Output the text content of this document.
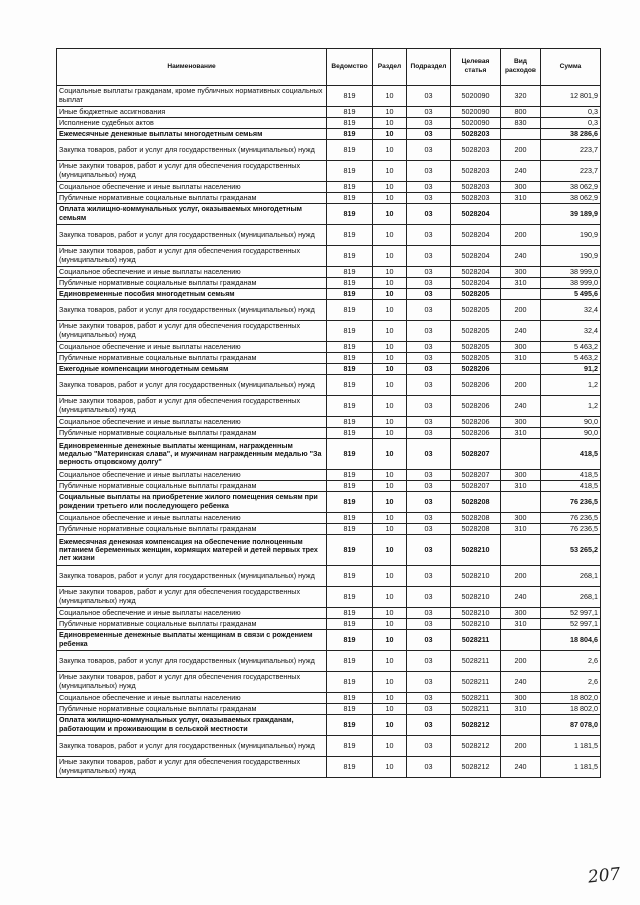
Наименование	Ведомство	Раздел	Подраздел	Целевая статья	Вид расходов	Сумма
Социальные выплаты гражданам, кроме публичных нормативных социальных выплат	819	10	03	5020090	320	12 801,9
Иные бюджетные ассигнования	819	10	03	5020090	800	0,3
Исполнение судебных актов	819	10	03	5020090	830	0,3
Ежемесячные денежные выплаты многодетным семьям	819	10	03	5028203		38 286,6
Закупка товаров, работ и услуг для государственных (муниципальных) нужд	819	10	03	5028203	200	223,7
Иные закупки товаров, работ и услуг для обеспечения государственных (муниципальных) нужд	819	10	03	5028203	240	223,7
Социальное обеспечение и иные выплаты населению	819	10	03	5028203	300	38 062,9
Публичные нормативные социальные выплаты гражданам	819	10	03	5028203	310	38 062,9
Оплата жилищно-коммунальных услуг, оказываемых многодетным семьям	819	10	03	5028204		39 189,9
Закупка товаров, работ и услуг для государственных (муниципальных) нужд	819	10	03	5028204	200	190,9
Иные закупки товаров, работ и услуг для обеспечения государственных (муниципальных) нужд	819	10	03	5028204	240	190,9
Социальное обеспечение и иные выплаты населению	819	10	03	5028204	300	38 999,0
Публичные нормативные социальные выплаты гражданам	819	10	03	5028204	310	38 999,0
Единовременные пособия многодетным семьям	819	10	03	5028205		5 495,6
Закупка товаров, работ и услуг для государственных (муниципальных) нужд	819	10	03	5028205	200	32,4
Иные закупки товаров, работ и услуг для обеспечения государственных (муниципальных) нужд	819	10	03	5028205	240	32,4
Социальное обеспечение и иные выплаты населению	819	10	03	5028205	300	5 463,2
Публичные нормативные социальные выплаты гражданам	819	10	03	5028205	310	5 463,2
Ежегодные компенсации многодетным семьям	819	10	03	5028206		91,2
Закупка товаров, работ и услуг для государственных (муниципальных) нужд	819	10	03	5028206	200	1,2
Иные закупки товаров, работ и услуг для обеспечения государственных (муниципальных) нужд	819	10	03	5028206	240	1,2
Социальное обеспечение и иные выплаты населению	819	10	03	5028206	300	90,0
Публичные нормативные социальные выплаты гражданам	819	10	03	5028206	310	90,0
Единовременные денежные выплаты женщинам, награжденным медалью "Материнская слава", и мужчинам награжденным медалью "За верность отцовскому долгу"	819	10	03	5028207		418,5
Социальное обеспечение и иные выплаты населению	819	10	03	5028207	300	418,5
Публичные нормативные социальные выплаты гражданам	819	10	03	5028207	310	418,5
Социальные выплаты на приобретение жилого помещения семьям при рождении третьего или последующего ребенка	819	10	03	5028208		76 236,5
Социальное обеспечение и иные выплаты населению	819	10	03	5028208	300	76 236,5
Публичные нормативные социальные выплаты гражданам	819	10	03	5028208	310	76 236,5
Ежемесячная денежная компенсация на обеспечение полноценным питанием беременных женщин, кормящих матерей и детей первых трех лет жизни	819	10	03	5028210		53 265,2
Закупка товаров, работ и услуг для государственных (муниципальных) нужд	819	10	03	5028210	200	268,1
Иные закупки товаров, работ и услуг для обеспечения государственных (муниципальных) нужд	819	10	03	5028210	240	268,1
Социальное обеспечение и иные выплаты населению	819	10	03	5028210	300	52 997,1
Публичные нормативные социальные выплаты гражданам	819	10	03	5028210	310	52 997,1
Единовременные денежные выплаты женщинам в связи с рождением ребенка	819	10	03	5028211		18 804,6
Закупка товаров, работ и услуг для государственных (муниципальных) нужд	819	10	03	5028211	200	2,6
Иные закупки товаров, работ и услуг для обеспечения государственных (муниципальных) нужд	819	10	03	5028211	240	2,6
Социальное обеспечение и иные выплаты населению	819	10	03	5028211	300	18 802,0
Публичные нормативные социальные выплаты гражданам	819	10	03	5028211	310	18 802,0
Оплата жилищно-коммунальных услуг, оказываемых гражданам, работающим и проживающим в сельской местности	819	10	03	5028212		87 078,0
Закупка товаров, работ и услуг для государственных (муниципальных) нужд	819	10	03	5028212	200	1 181,5
Иные закупки товаров, работ и услуг для обеспечения государственных (муниципальных) нужд	819	10	03	5028212	240	1 181,5
207
